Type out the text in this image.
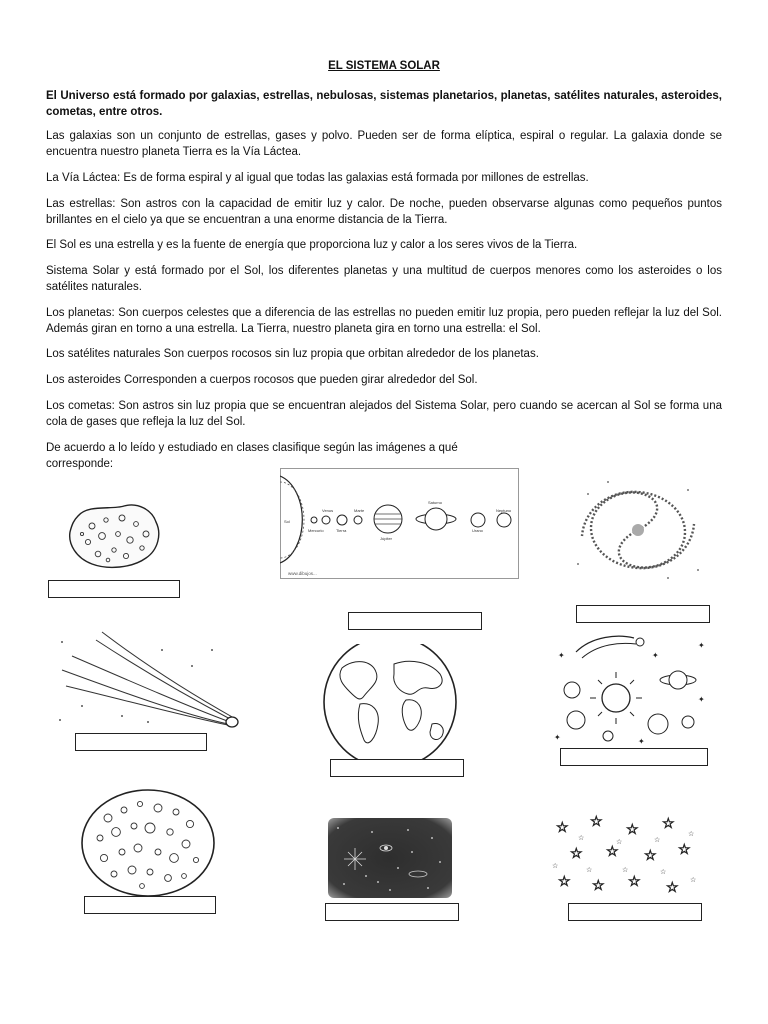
EL SISTEMA SOLAR
El Universo está formado por galaxias, estrellas, nebulosas, sistemas planetarios, planetas, satélites naturales, asteroides, cometas, entre otros.
Las galaxias son un conjunto de estrellas, gases y polvo. Pueden ser de forma elíptica, espiral o regular. La galaxia donde se encuentra nuestro planeta Tierra es la Vía Láctea.
La Vía Láctea: Es de forma espiral y al igual que todas las galaxias está formada por millones de estrellas.
Las estrellas: Son astros con la capacidad de emitir luz y calor. De noche, pueden observarse algunas como pequeños puntos brillantes en el cielo ya que se encuentran a una enorme distancia de la Tierra.
El Sol es una estrella y es la fuente de energía que proporciona luz y calor a los seres vivos de la Tierra.
Sistema Solar y está formado por el Sol, los diferentes planetas y una multitud de cuerpos menores como los asteroides o los satélites naturales.
Los planetas: Son cuerpos celestes que a diferencia de las estrellas no pueden emitir luz propia, pero pueden reflejar la luz del Sol. Además giran en torno a una estrella. La Tierra, nuestro planeta gira en torno una estrella: el Sol.
Los satélites naturales Son cuerpos rocosos sin luz propia que orbitan alrededor de los planetas.
Los asteroides Corresponden a cuerpos rocosos que pueden girar alrededor del Sol.
Los cometas: Son astros sin luz propia que se encuentran alejados del Sistema Solar, pero cuando se acercan al Sol se forma una cola de gases que refleja la luz del Sol.
De acuerdo a lo leído y estudiado en clases clasifique según las imágenes a qué corresponde:
Sol
Mercurio
Venus
Tierra
Marte
Júpiter
Saturno
Urano
Neptuno
www.dibujos...
✦
✦
✦
✦
✦	✦
☆ ☆ ☆ ☆
☆ ☆ ☆ ☆
☆ ☆ ☆ ☆
☆	☆	☆
☆	☆	☆
☆
☆
☆
